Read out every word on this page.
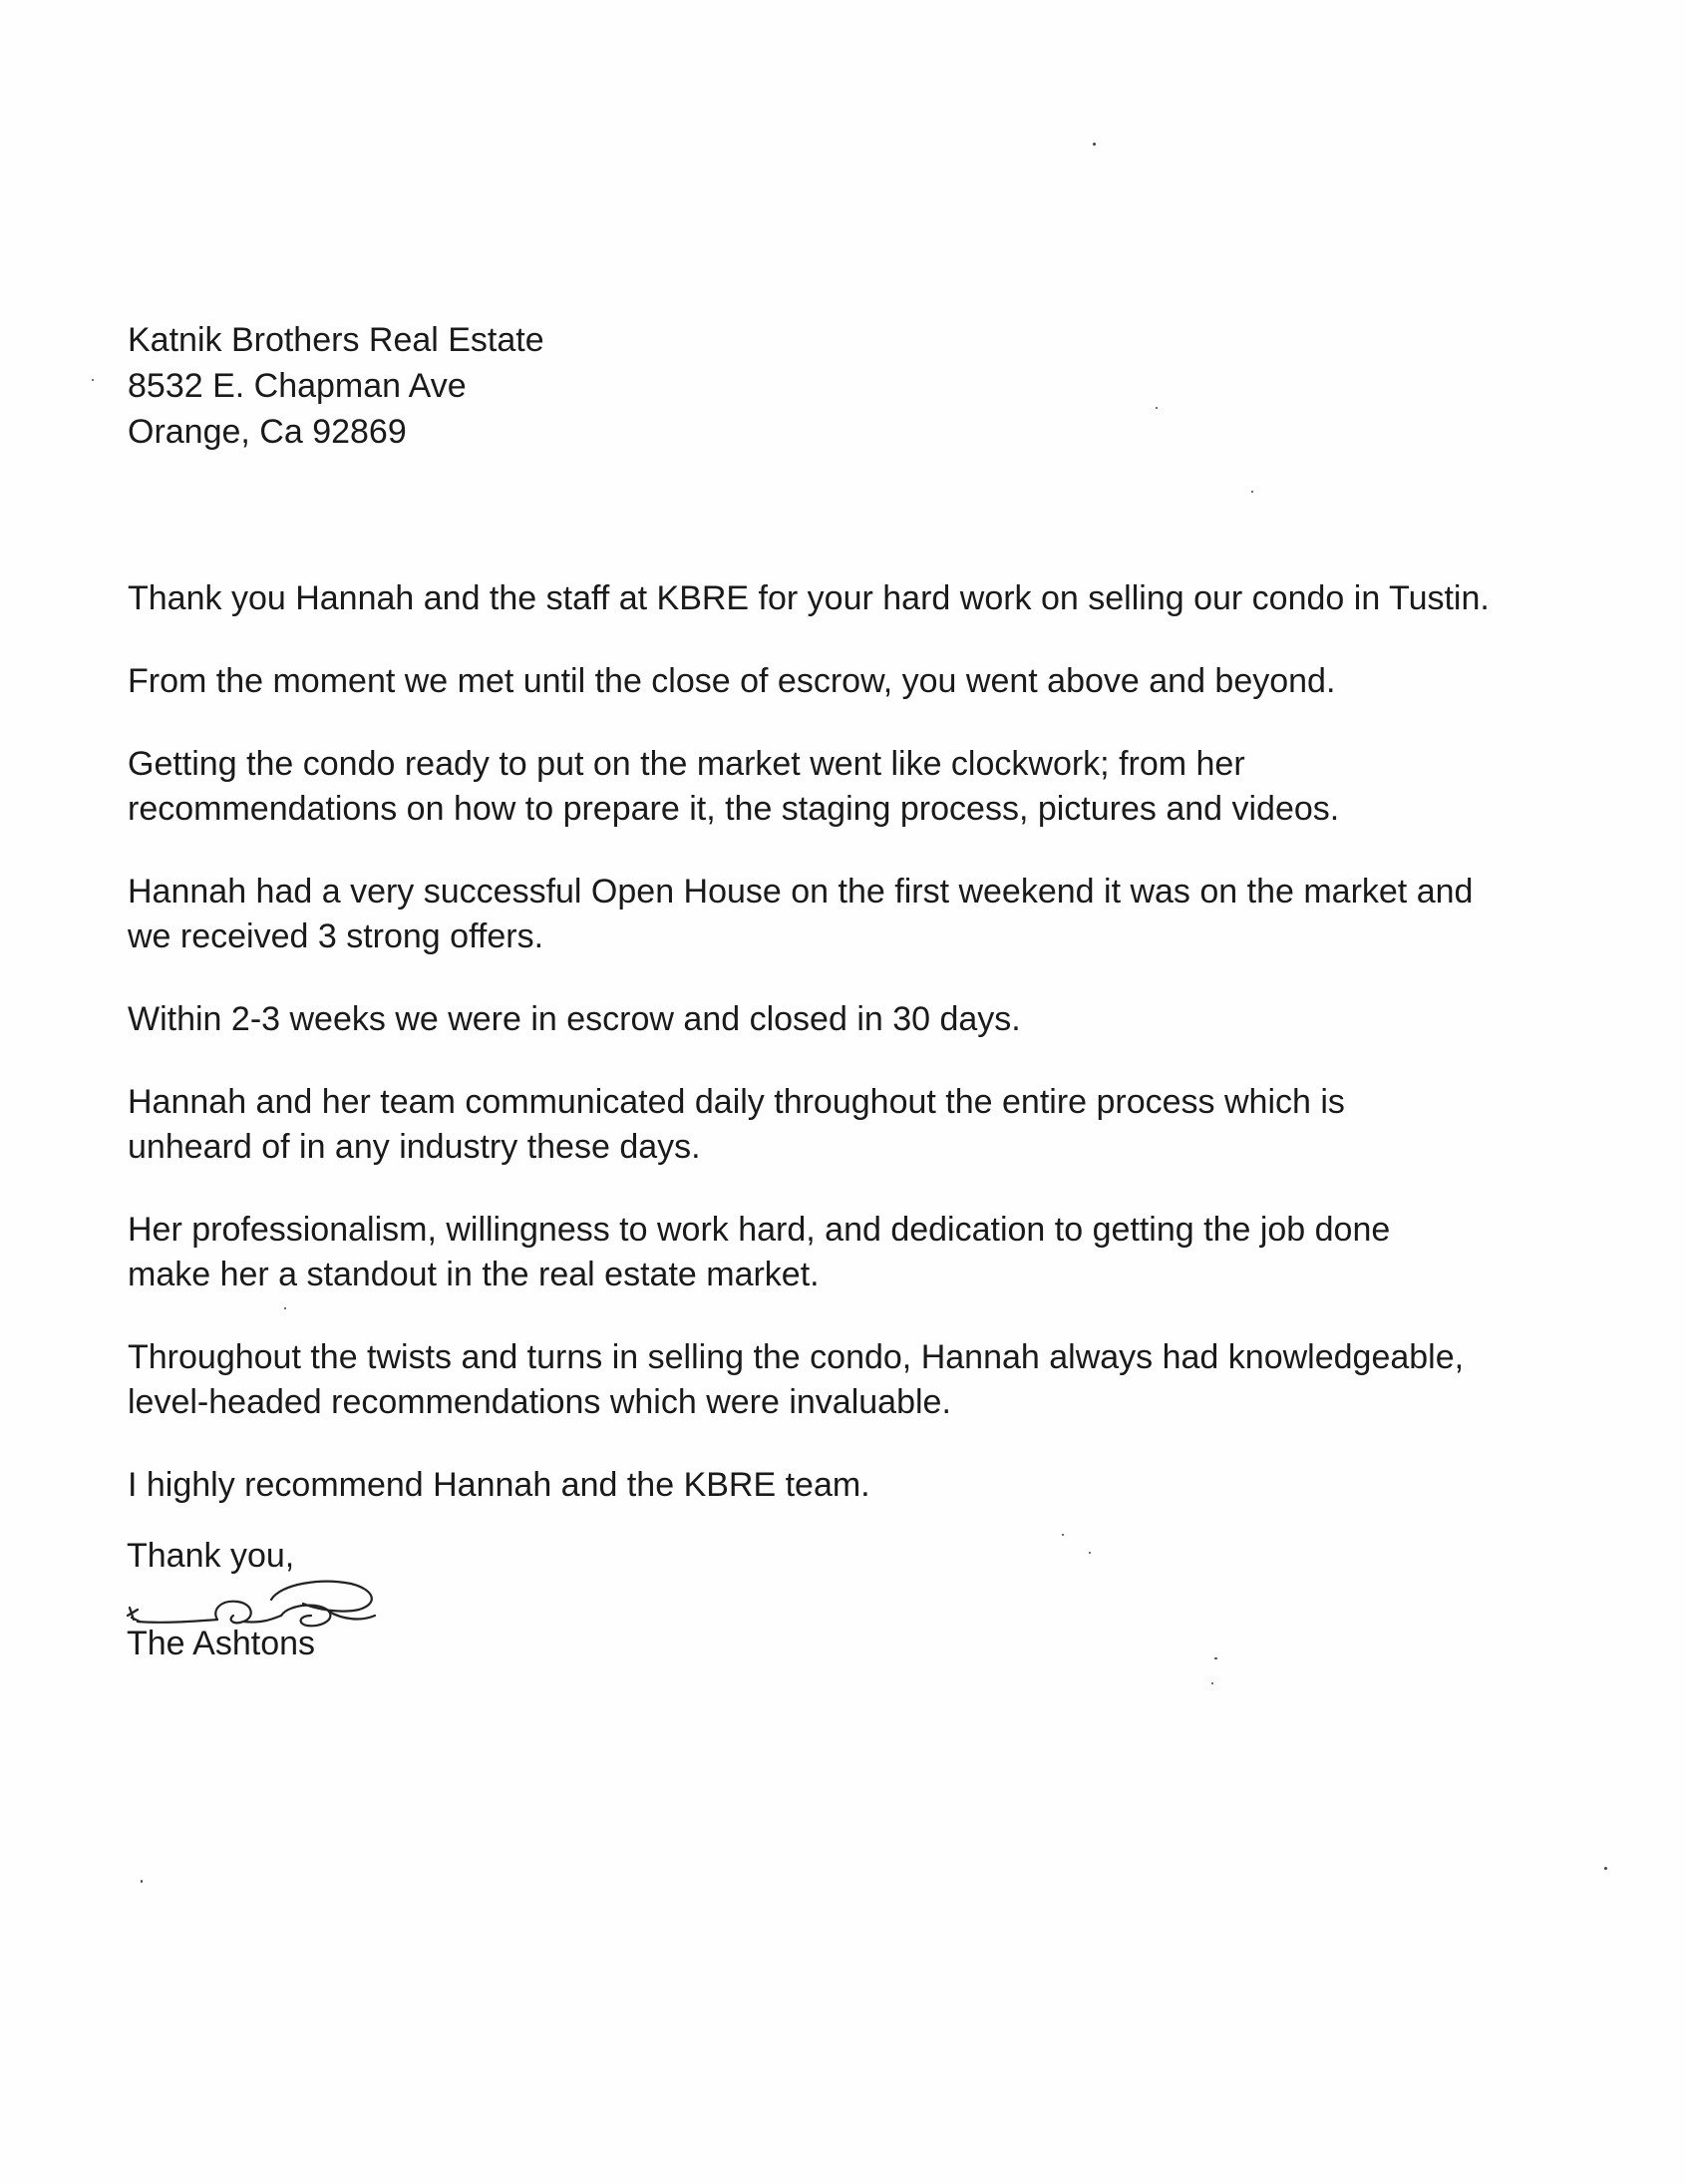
Katnik Brothers Real Estate
8532 E. Chapman Ave
Orange, Ca 92869

Thank you Hannah and the staff at KBRE for your hard work on selling our condo in Tustin.

From the moment we met until the close of escrow, you went above and beyond.

Getting the condo ready to put on the market went like clockwork; from her
recommendations on how to prepare it, the staging process, pictures and videos.

Hannah had a very successful Open House on the first weekend it was on the market and
we received 3 strong offers.

Within 2-3 weeks we were in escrow and closed in 30 days.

Hannah and her team communicated daily throughout the entire process which is
unheard of in any industry these days.

Her professionalism, willingness to work hard, and dedication to getting the job done
make her a standout in the real estate market.

Throughout the twists and turns in selling the condo, Hannah always had knowledgeable,
level-headed recommendations which were invaluable.

I highly recommend Hannah and the KBRE team.

Thank you,
The Ashtons
